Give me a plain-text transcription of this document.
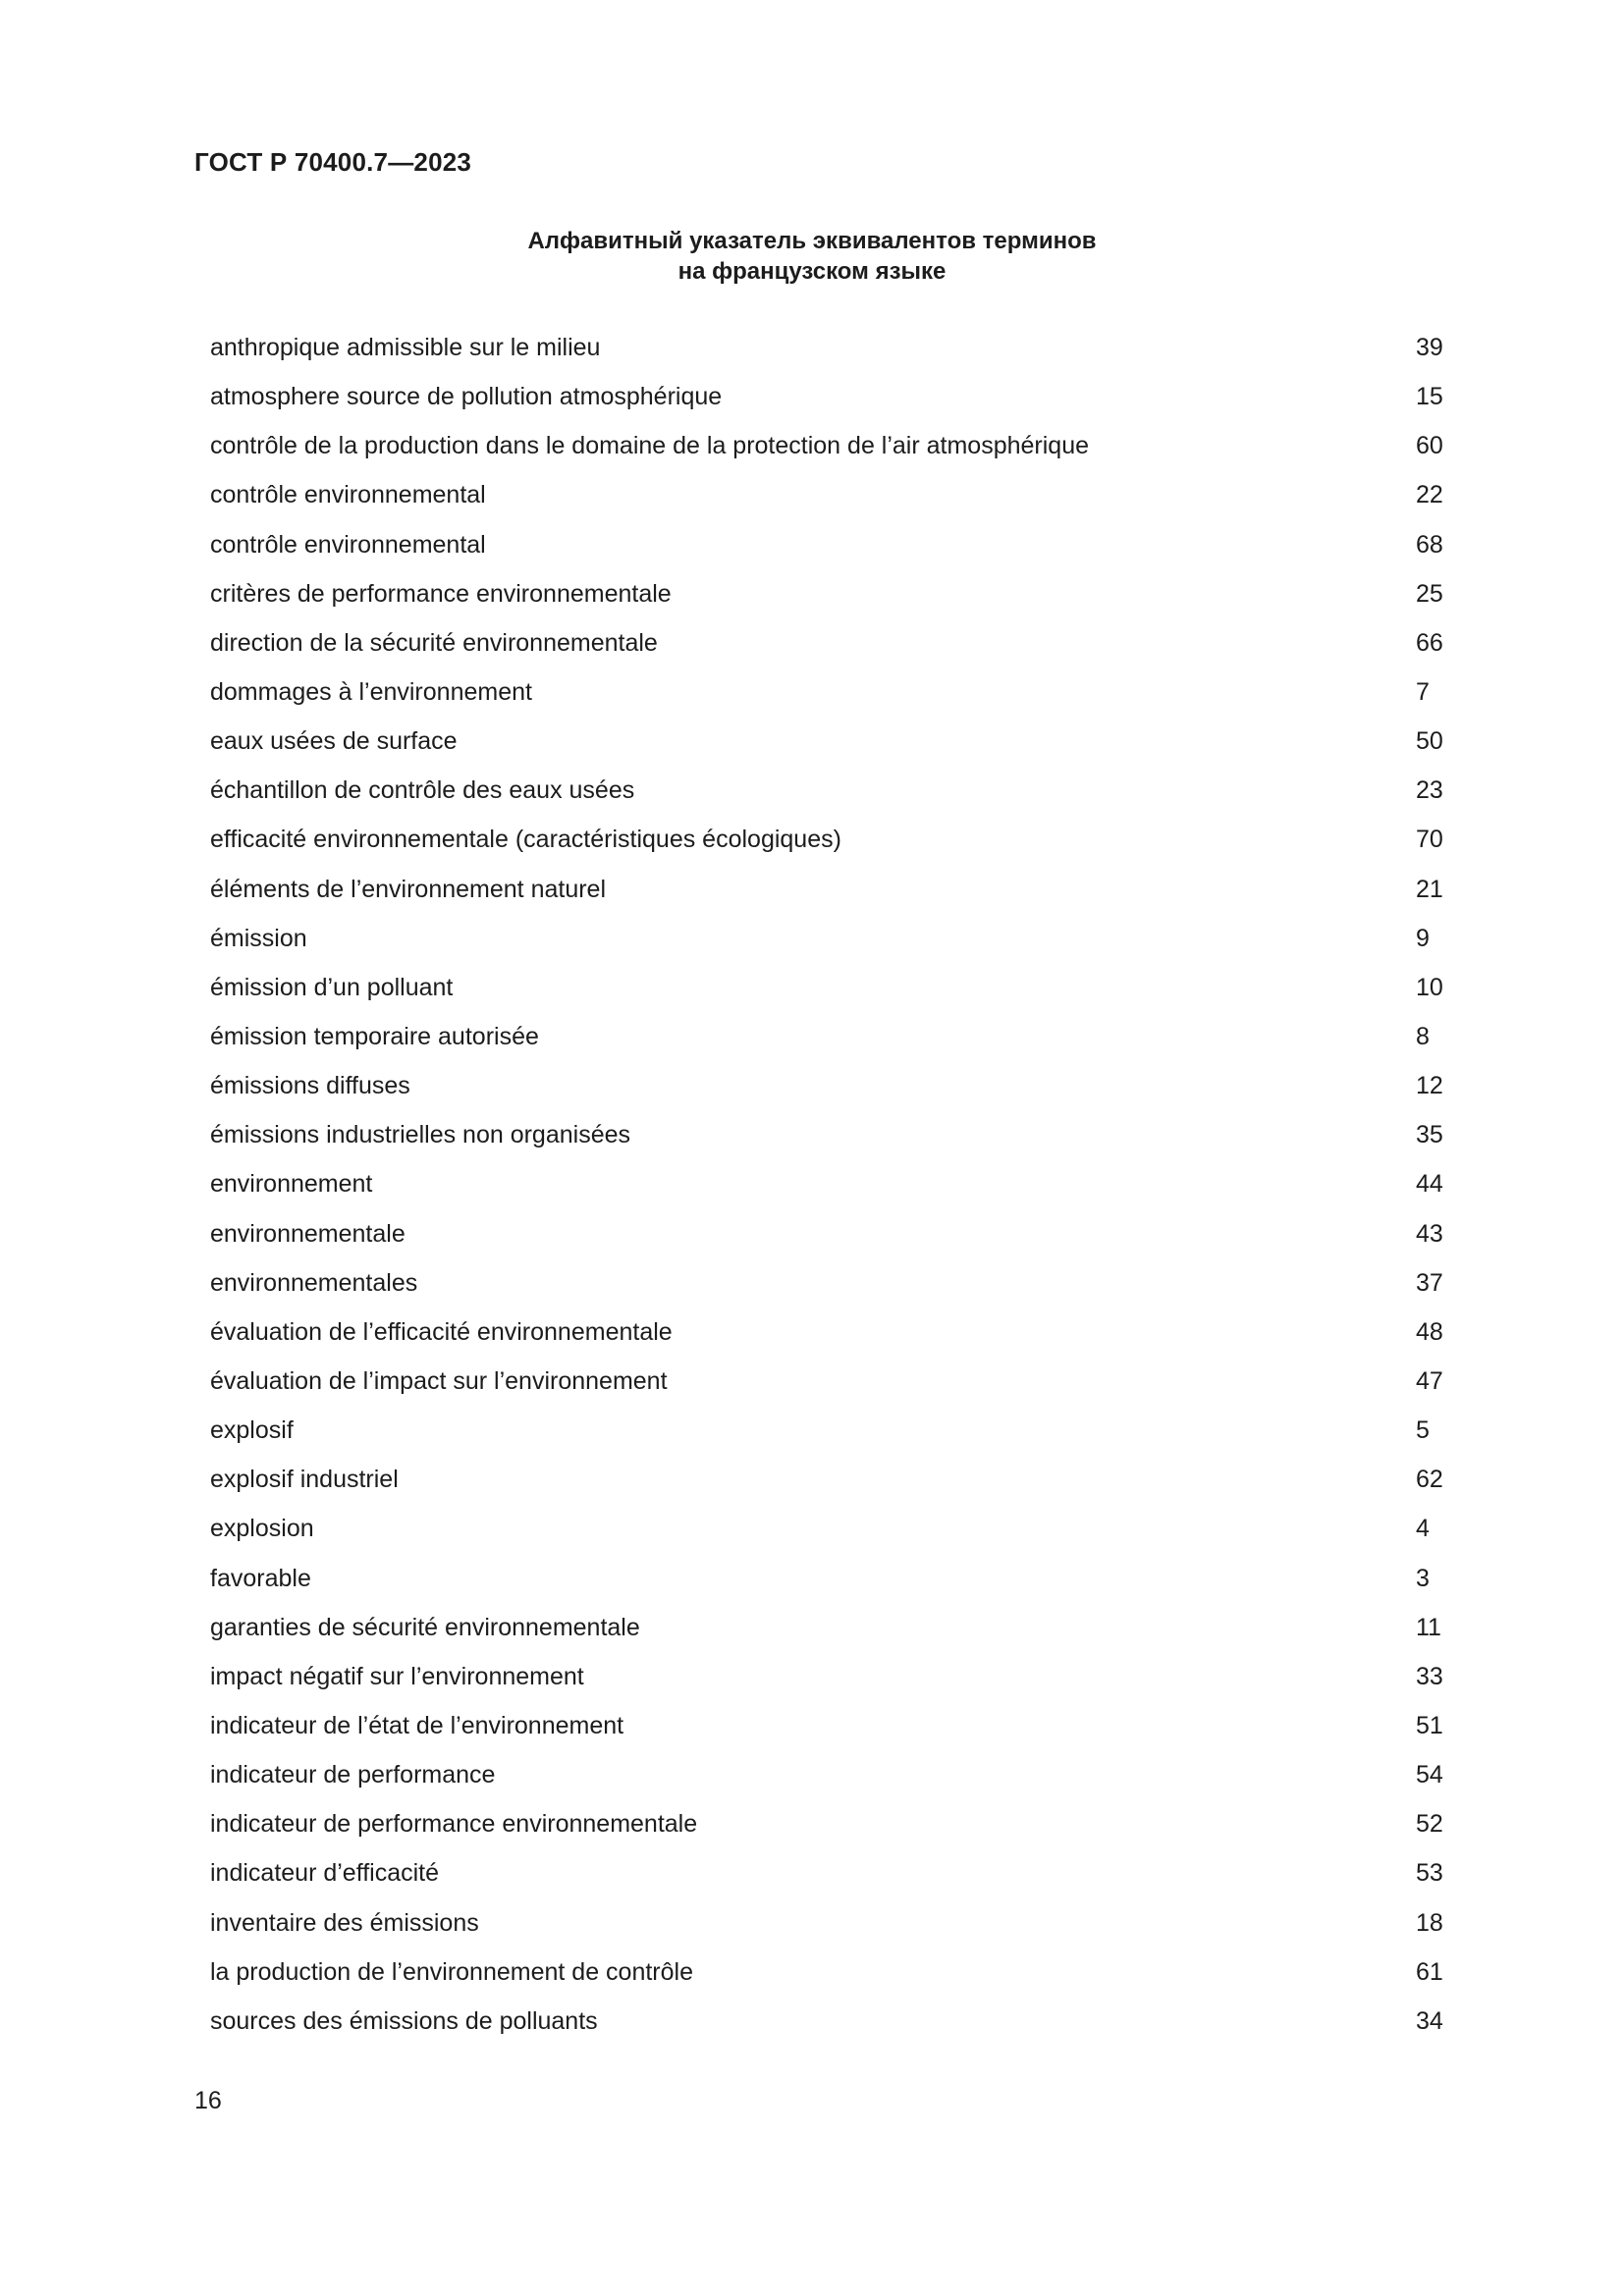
ГОСТ Р 70400.7—2023
Алфавитный указатель эквивалентов терминов
на французском языке
anthropique admissible sur le milieu	39
atmosphere source de pollution atmosphérique	15
contrôle de la production dans le domaine de la protection de l’air atmosphérique	60
contrôle environnemental	22
contrôle environnemental	68
critères de performance environnementale	25
direction de la sécurité environnementale	66
dommages à l’environnement	7
eaux usées de surface	50
échantillon de contrôle des eaux usées	23
efficacité environnementale (caractéristiques écologiques)	70
éléments de l’environnement naturel	21
émission	9
émission d’un polluant	10
émission temporaire autorisée	8
émissions diffuses	12
émissions industrielles non organisées	35
environnement	44
environnementale	43
environnementales	37
évaluation de l’efficacité environnementale	48
évaluation de l’impact sur l’environnement	47
explosif	5
explosif industriel	62
explosion	4
favorable	3
garanties de sécurité environnementale	11
impact négatif sur l’environnement	33
indicateur de l’état de l’environnement	51
indicateur de performance	54
indicateur de performance environnementale	52
indicateur d’efficacité	53
inventaire des émissions	18
la production de l’environnement de contrôle	61
sources des émissions de polluants	34
16
